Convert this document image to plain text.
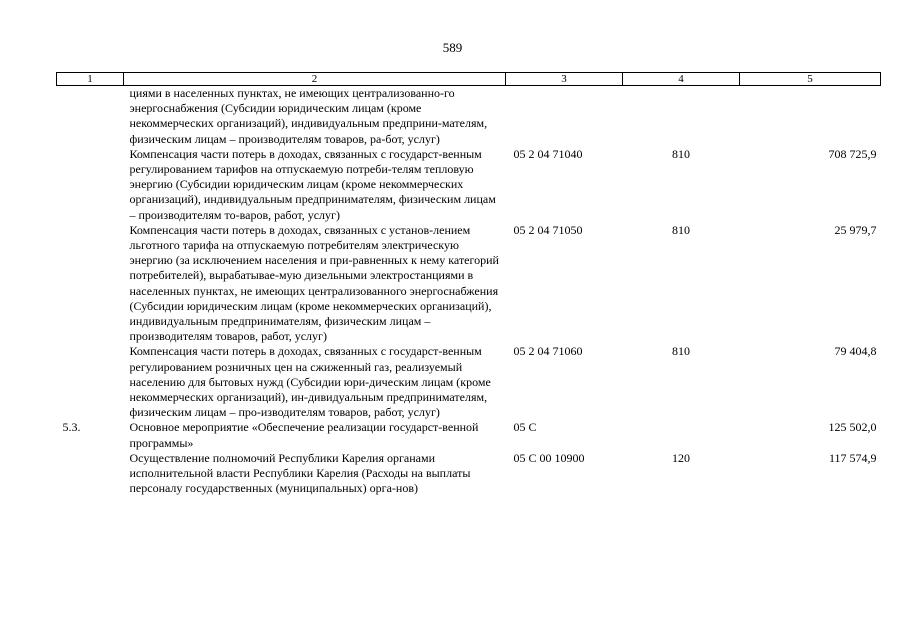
589
1	2	3	4	5
	циями в населенных пунктах, не имеющих централизованно-го энергоснабжения (Субсидии юридическим лицам (кроме некоммерческих организаций), индивидуальным предприни-мателям, физическим лицам – производителям товаров, ра-бот, услуг)			
	Компенсация части потерь в доходах, связанных с государст-венным регулированием тарифов на отпускаемую потреби-телям тепловую энергию (Субсидии юридическим лицам (кроме некоммерческих организаций), индивидуальным предпринимателям, физическим лицам – производителям то-варов, работ, услуг)	05 2 04 71040	810	708 725,9
	Компенсация части потерь в доходах, связанных с установ-лением льготного тарифа на отпускаемую потребителям электрическую энергию (за исключением населения и при-равненных к нему категорий потребителей), вырабатывае-мую дизельными электростанциями в населенных пунктах, не имеющих централизованного энергоснабжения (Субсидии юридическим лицам (кроме некоммерческих организаций), индивидуальным предпринимателям, физическим лицам – производителям товаров, работ, услуг)	05 2 04 71050	810	25 979,7
	Компенсация части потерь в доходах, связанных с государст-венным регулированием розничных цен на сжиженный газ, реализуемый населению для бытовых нужд (Субсидии юри-дическим лицам (кроме некоммерческих организаций), ин-дивидуальным предпринимателям, физическим лицам – про-изводителям товаров, работ, услуг)	05 2 04 71060	810	79 404,8
5.3.	Основное мероприятие «Обеспечение реализации государст-венной программы»	05 С		125 502,0
	Осуществление полномочий Республики Карелия органами исполнительной власти Республики Карелия (Расходы на выплаты персоналу государственных (муниципальных) орга-нов)	05 С 00 10900	120	117 574,9
